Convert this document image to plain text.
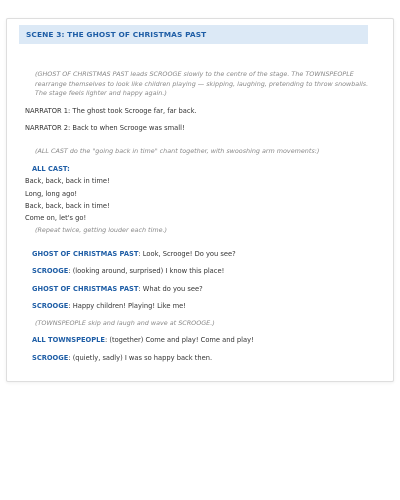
SCENE 3: THE GHOST OF CHRISTMAS PAST
(GHOST OF CHRISTMAS PAST leads SCROOGE slowly to the centre of the stage. The TOWNSPEOPLE rearrange themselves to look like children playing — skipping, laughing, pretending to throw snowballs. The stage feels lighter and happy again.)
NARRATOR 1: The ghost took Scrooge far, far back.
NARRATOR 2: Back to when Scrooge was small!
(ALL CAST do the "going back in time" chant together, with swooshing arm movements:)
ALL CAST:
Back, back, back in time!
Long, long ago!
Back, back, back in time!
Come on, let's go!
(Repeat twice, getting louder each time.)
GHOST OF CHRISTMAS PAST: Look, Scrooge! Do you see?
SCROOGE: (looking around, surprised) I know this place!
GHOST OF CHRISTMAS PAST: What do you see?
SCROOGE: Happy children! Playing! Like me!
(TOWNSPEOPLE skip and laugh and wave at SCROOGE.)
ALL TOWNSPEOPLE: (together) Come and play! Come and play!
SCROOGE: (quietly, sadly) I was so happy back then.
